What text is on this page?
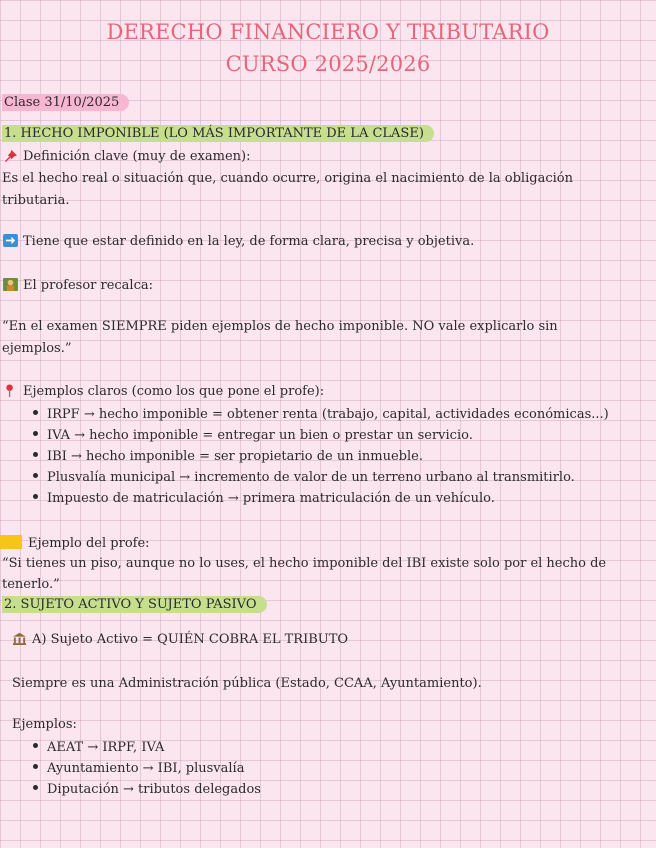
DERECHO FINANCIERO Y TRIBUTARIO
CURSO 2025/2026
Clase 31/10/2025
1. HECHO IMPONIBLE (LO MÁS IMPORTANTE DE LA CLASE)
Definición clave (muy de examen):
Es el hecho real o situación que, cuando ocurre, origina el nacimiento de la obligación
tributaria.
Tiene que estar definido en la ley, de forma clara, precisa y objetiva.
El profesor recalca:
“En el examen SIEMPRE piden ejemplos de hecho imponible. NO vale explicarlo sin
ejemplos.”
Ejemplos claros (como los que pone el profe):
IRPF → hecho imponible = obtener renta (trabajo, capital, actividades económicas...)
IVA → hecho imponible = entregar un bien o prestar un servicio.
IBI → hecho imponible = ser propietario de un inmueble.
Plusvalía municipal → incremento de valor de un terreno urbano al transmitirlo.
Impuesto de matriculación → primera matriculación de un vehículo.
Ejemplo del profe:
“Si tienes un piso, aunque no lo uses, el hecho imponible del IBI existe solo por el hecho de
tenerlo.”
2. SUJETO ACTIVO Y SUJETO PASIVO
A) Sujeto Activo = QUIÉN COBRA EL TRIBUTO
Siempre es una Administración pública (Estado, CCAA, Ayuntamiento).
Ejemplos:
AEAT → IRPF, IVA
Ayuntamiento → IBI, plusvalía
Diputación → tributos delegados
